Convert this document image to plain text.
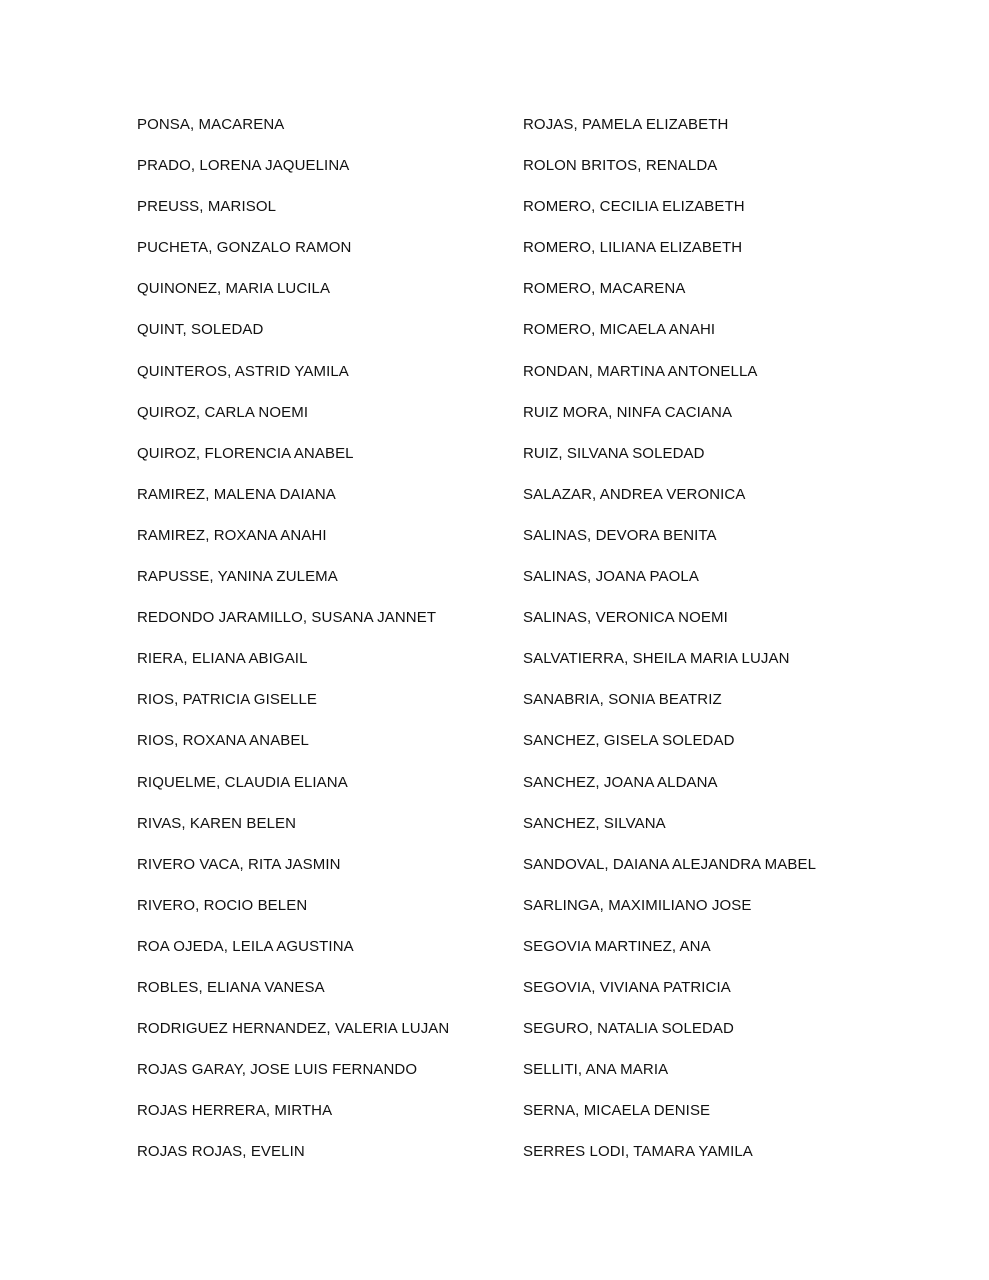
PONSA, MACARENA
PRADO, LORENA JAQUELINA
PREUSS, MARISOL
PUCHETA, GONZALO RAMON
QUINONEZ, MARIA LUCILA
QUINT, SOLEDAD
QUINTEROS, ASTRID YAMILA
QUIROZ, CARLA NOEMI
QUIROZ, FLORENCIA ANABEL
RAMIREZ, MALENA DAIANA
RAMIREZ, ROXANA ANAHI
RAPUSSE, YANINA ZULEMA
REDONDO JARAMILLO, SUSANA JANNET
RIERA, ELIANA ABIGAIL
RIOS, PATRICIA GISELLE
RIOS, ROXANA ANABEL
RIQUELME, CLAUDIA ELIANA
RIVAS, KAREN BELEN
RIVERO VACA, RITA JASMIN
RIVERO, ROCIO BELEN
ROA OJEDA, LEILA AGUSTINA
ROBLES, ELIANA VANESA
RODRIGUEZ HERNANDEZ, VALERIA LUJAN
ROJAS GARAY, JOSE LUIS FERNANDO
ROJAS HERRERA, MIRTHA
ROJAS ROJAS, EVELIN
ROJAS, PAMELA ELIZABETH
ROLON BRITOS, RENALDA
ROMERO, CECILIA ELIZABETH
ROMERO, LILIANA ELIZABETH
ROMERO, MACARENA
ROMERO, MICAELA ANAHI
RONDAN, MARTINA ANTONELLA
RUIZ MORA, NINFA CACIANA
RUIZ, SILVANA SOLEDAD
SALAZAR, ANDREA VERONICA
SALINAS, DEVORA BENITA
SALINAS, JOANA PAOLA
SALINAS, VERONICA NOEMI
SALVATIERRA, SHEILA MARIA LUJAN
SANABRIA, SONIA BEATRIZ
SANCHEZ, GISELA SOLEDAD
SANCHEZ, JOANA ALDANA
SANCHEZ, SILVANA
SANDOVAL, DAIANA ALEJANDRA MABEL
SARLINGA, MAXIMILIANO JOSE
SEGOVIA MARTINEZ, ANA
SEGOVIA, VIVIANA PATRICIA
SEGURO, NATALIA SOLEDAD
SELLITI, ANA MARIA
SERNA, MICAELA DENISE
SERRES LODI, TAMARA YAMILA
